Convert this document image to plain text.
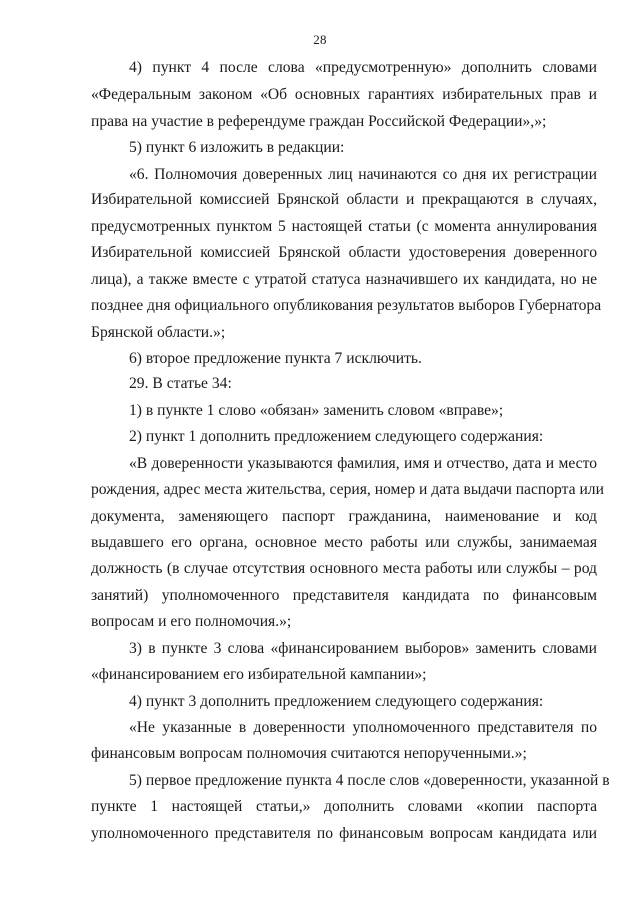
28
4) пункт 4 после слова «предусмотренную» дополнить словами
«Федеральным законом «Об основных гарантиях избирательных прав и
права на участие в референдуме граждан Российской Федерации»,»;
5) пункт 6 изложить в редакции:
«6. Полномочия доверенных лиц начинаются со дня их регистрации
Избирательной комиссией Брянской области и прекращаются в случаях,
предусмотренных пунктом 5 настоящей статьи (с момента аннулирования
Избирательной комиссией Брянской области удостоверения доверенного
лица), а также вместе с утратой статуса назначившего их кандидата, но не
позднее дня официального опубликования результатов выборов Губернатора
Брянской области.»;
6) второе предложение пункта 7 исключить.
29. В статье 34:
1) в пункте 1 слово «обязан» заменить словом «вправе»;
2) пункт 1 дополнить предложением следующего содержания:
«В доверенности указываются фамилия, имя и отчество, дата и место
рождения, адрес места жительства, серия, номер и дата выдачи паспорта или
документа, заменяющего паспорт гражданина, наименование и код
выдавшего его органа, основное место работы или службы, занимаемая
должность (в случае отсутствия основного места работы или службы – род
занятий) уполномоченного представителя кандидата по финансовым
вопросам и его полномочия.»;
3) в пункте 3 слова «финансированием выборов» заменить словами
«финансированием его избирательной кампании»;
4) пункт 3 дополнить предложением следующего содержания:
«Не указанные в доверенности уполномоченного представителя по
финансовым вопросам полномочия считаются непорученными.»;
5) первое предложение пункта 4 после слов «доверенности, указанной в
пункте 1 настоящей статьи,» дополнить словами «копии паспорта
уполномоченного представителя по финансовым вопросам кандидата или
